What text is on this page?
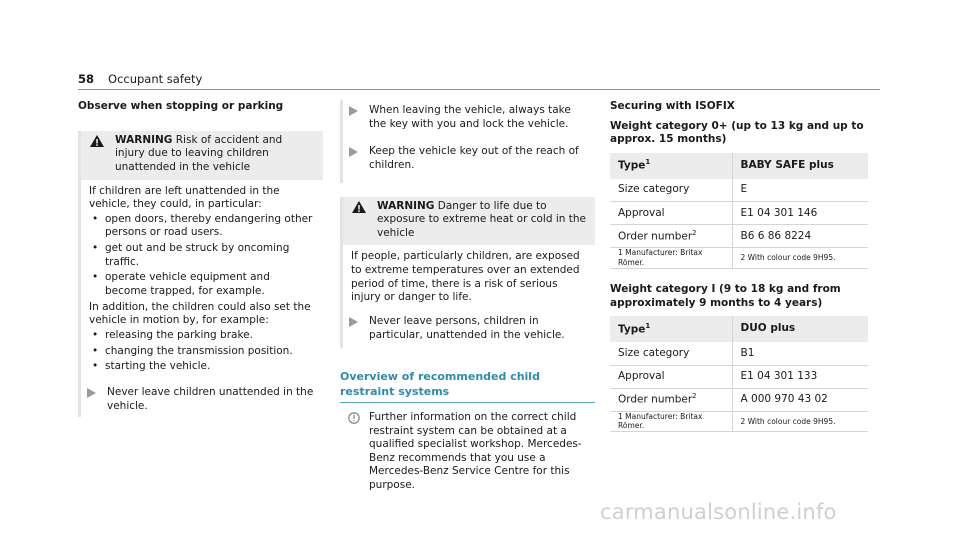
58 Occupant safety
Observe when stopping or parking
WARNING Risk of accident and injury due to leaving children unattended in the vehicle

If children are left unattended in the vehicle, they could, in particular:

• open doors, thereby endangering other persons or road users.
• get out and be struck by oncoming traffic.
• operate vehicle equipment and become trapped, for example.

In addition, the children could also set the vehicle in motion by, for example:

• releasing the parking brake.
• changing the transmission position.
• starting the vehicle.
Never leave children unattended in the vehicle.
When leaving the vehicle, always take the key with you and lock the vehicle.
Keep the vehicle key out of the reach of children.
WARNING Danger to life due to exposure to extreme heat or cold in the vehicle

If people, particularly children, are exposed to extreme temperatures over an extended period of time, there is a risk of serious injury or danger to life.

Never leave persons, children in particular, unattended in the vehicle.
Overview of recommended child restraint systems
Further information on the correct child restraint system can be obtained at a qualified specialist workshop. Mercedes-Benz recommends that you use a Mercedes-Benz Service Centre for this purpose.
Securing with ISOFIX
Weight category 0+ (up to 13 kg and up to approx. 15 months)
Type$^1$	BABY SAFE plus
Size category	E
Approval	E1 04 301 146
Order number$^2$	B6 6 86 8224
1 Manufacturer: Britax Römer.	2 With colour code 9H95.
Weight category I (9 to 18 kg and from approximately 9 months to 4 years)
Type$^1$	DUO plus
Size category	B1
Approval	E1 04 301 133
Order number$^2$	A 000 970 43 02
1 Manufacturer: Britax Römer.	2 With colour code 9H95.
carmanualsonline.info
